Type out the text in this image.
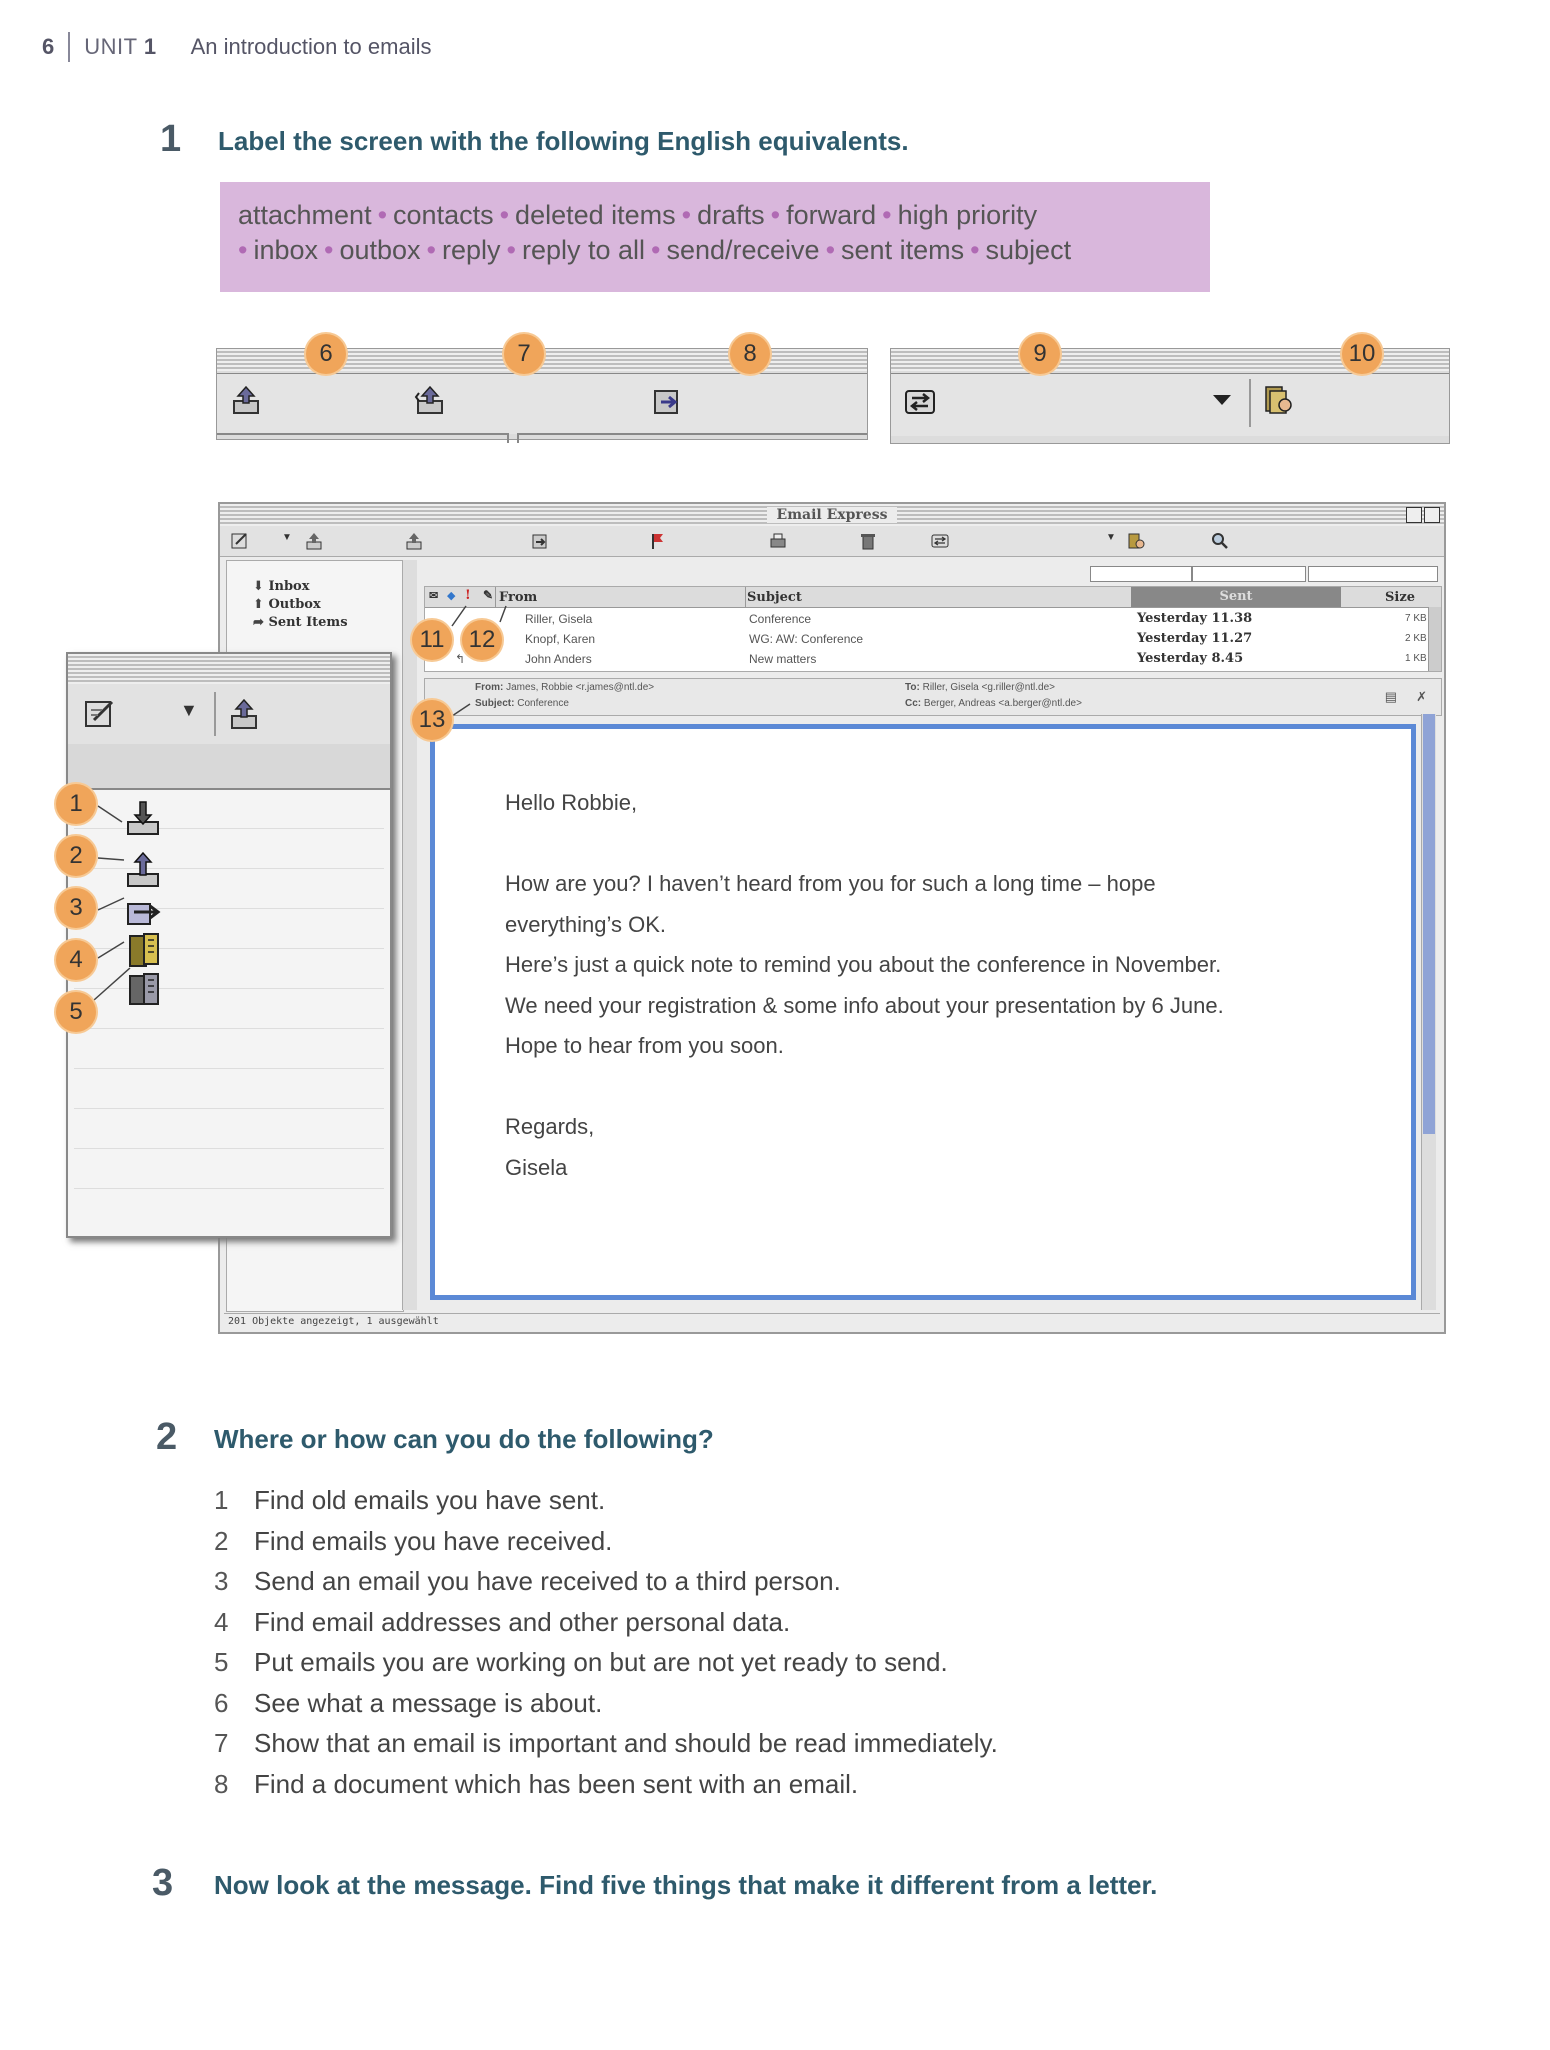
6 UNIT 1 An introduction to emails
1 Label the screen with the following English equivalents.
attachment • contacts • deleted items • drafts • forward • high priority
• inbox • outbox • reply • reply to all • send/receive • sent items • subject
6	7	8	9	10
Email Express
▼	▼
⬇ Inbox
⬆ Outbox
➦ Sent Items
✉ ◆ ! ✎ From	Subject	Sent	Size
Riller, Gisela	Conference	Yesterday 11.38	7 KB
Knopf, Karen	WG: AW: Conference	Yesterday 11.27	2 KB
↰	John Anders	New matters	Yesterday 8.45	1 KB
From: James, Robbie <r.james@ntl.de>
Subject: Conference
To: Riller, Gisela <g.riller@ntl.de>
Cc: Berger, Andreas <a.berger@ntl.de>	▤ ✗
201 Objekte angezeigt, 1 ausgewählt
Hello Robbie,
How are you? I haven’t heard from you for such a long time – hope
everything’s OK.
Here’s just a quick note to remind you about the conference in November.
We need your registration & some info about your presentation by 6 June.
Hope to hear from you soon.
Regards,
Gisela
▼
1
2
3
4
5
11	12
13
2 Where or how can you do the following?
1 Find old emails you have sent.
2 Find emails you have received.
3 Send an email you have received to a third person.
4 Find email addresses and other personal data.
5 Put emails you are working on but are not yet ready to send.
6 See what a message is about.
7 Show that an email is important and should be read immediately.
8 Find a document which has been sent with an email.
3 Now look at the message. Find five things that make it different from a letter.
